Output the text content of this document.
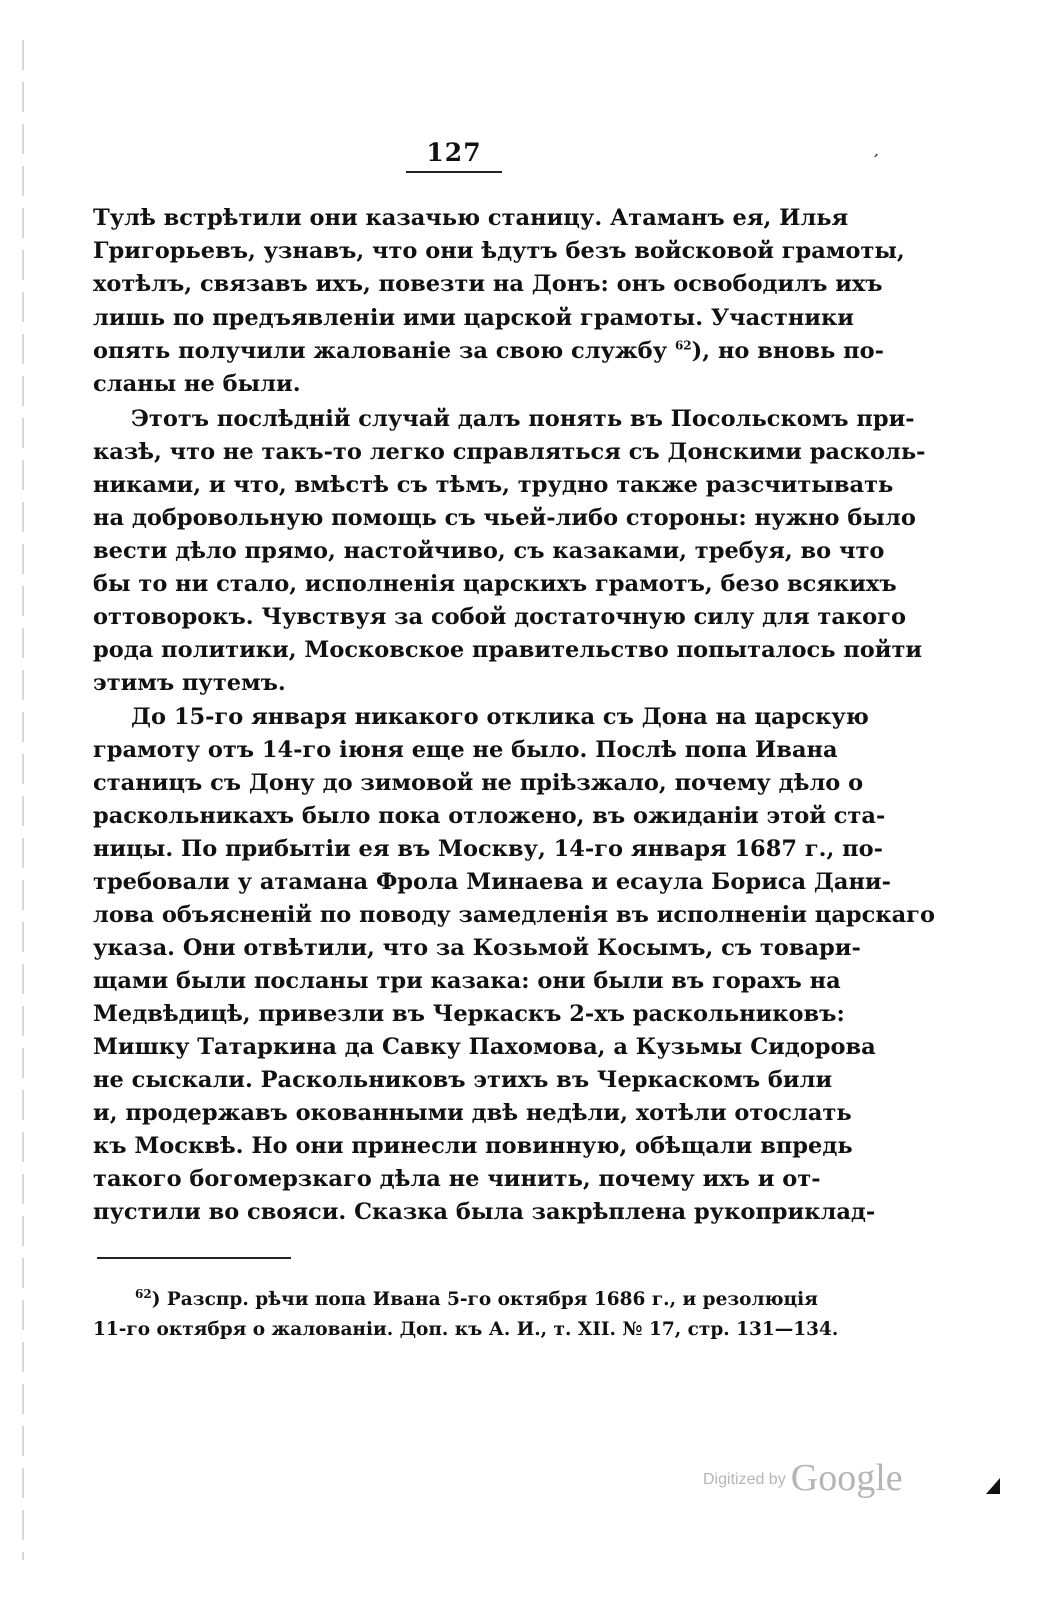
127	’
Тулѣ встрѣтили они казачью станицу. Атаманъ ея, Илья
Григорьевъ, узнавъ, что они ѣдутъ безъ войсковой грамоты,
хотѣлъ, связавъ ихъ, повезти на Донъ: онъ освободилъ ихъ
лишь по предъявленіи ими царской грамоты. Участники
опять получили жалованіе за свою службу $^{62}$), но вновь по-
сланы не были.
Этотъ послѣдній случай далъ понять въ Посольскомъ при-
казѣ, что не такъ-то легко справляться съ Донскими расколь-
никами, и что, вмѣстѣ съ тѣмъ, трудно также разсчитывать
на добровольную помощь съ чьей-либо стороны: нужно было
вести дѣло прямо, настойчиво, съ казаками, требуя, во что
бы то ни стало, исполненія царскихъ грамотъ, безо всякихъ
оттоворокъ. Чувствуя за собой достаточную силу для такого
рода политики, Московское правительство попыталось пойти
этимъ путемъ.
До 15-го января никакого отклика съ Дона на царскую
грамоту отъ 14-го іюня еще не было. Послѣ попа Ивана
станицъ съ Дону до зимовой не пріѣзжало, почему дѣло о
раскольникахъ было пока отложено, въ ожиданіи этой ста-
ницы. По прибытіи ея въ Москву, 14-го января 1687 г., по-
требовали у атамана Фрола Минаева и есаула Бориса Дани-
лова объясненій по поводу замедленія въ исполненіи царскаго
указа. Они отвѣтили, что за Козьмой Косымъ, съ товари-
щами были посланы три казака: они были въ горахъ на
Медвѣдицѣ, привезли въ Черкаскъ 2-хъ раскольниковъ:
Мишку Татаркина да Савку Пахомова, а Кузьмы Сидорова
не сыскали. Раскольниковъ этихъ въ Черкаскомъ били
и, продержавъ окованными двѣ недѣли, хотѣли отослать
къ Москвѣ. Но они принесли повинную, обѣщали впредь
такого богомерзкаго дѣла не чинить, почему ихъ и от-
пустили во свояси. Сказка была закрѣплена рукоприклад-
$^{62}$) Разспр. рѣчи попа Ивана 5-го октября 1686 г., и резолюція
11-го октября о жалованіи. Доп. къ А. И., т. XII. № 17, стр. 131—134.
Digitized by Google
